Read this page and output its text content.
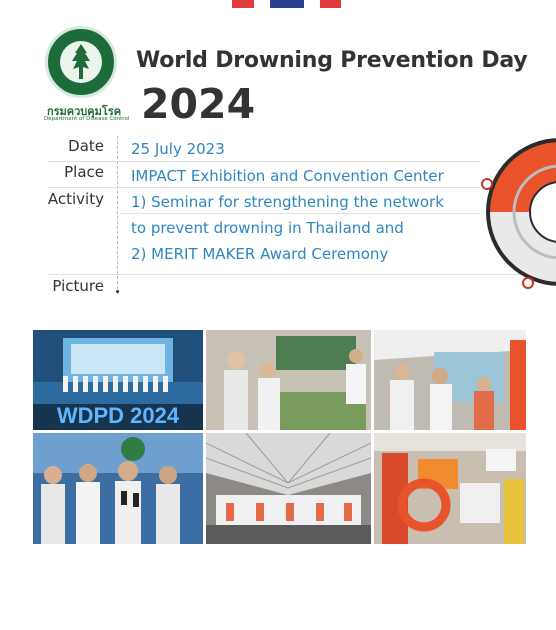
กรมควบคุมโรค
Department of Disease Control
World Drowning Prevention Day
2024
Date 25 July 2023
Place IMPACT Exhibition and Convention Center
Activity 1) Seminar for strengthening the network
to prevent drowning in Thailand and
2) MERIT MAKER Award Ceremony
Picture
WDPD 2024
